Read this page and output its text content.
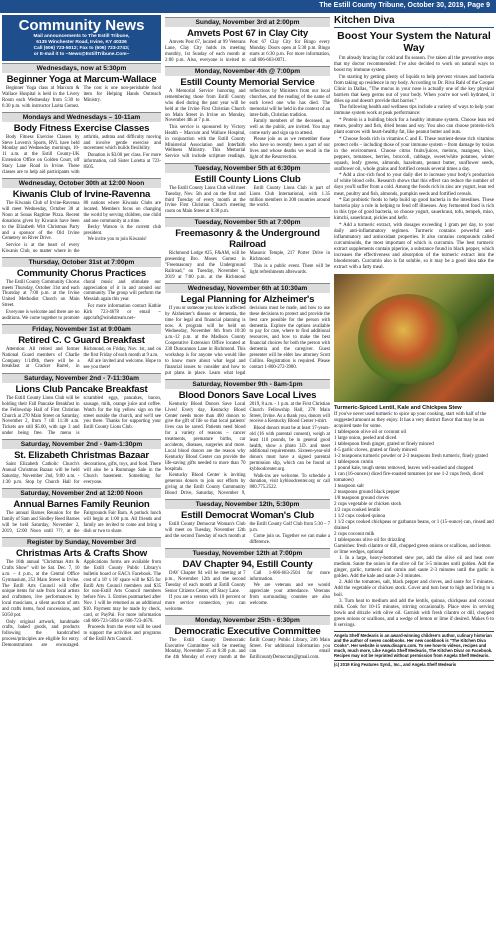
The Estill County Tribune, October 30, 2019, Page 9
Community News
Mail announcements to The Estill Tribune,
6135 Winchester Road, Irvine, KY 40336
Call (606) 723-5012; Fax to (606) 723-2743;
or E-mail it to ~News@EstillTribune.Com~
Wednesdays, now at 5:30pm
Beginner Yoga at Marcum-Wallace

Beginner Yoga class at Marcum & Wallace Hospital is held in the Livery Room each Wednesday from 5:30 to 6:30 p.m. with instructor Larita Gomez. The cost is one non-perishable food item for Helping Hands Outreach Ministry.

Mondays and Wednesdays – 10-11am
Body Fitness Exercise Classes

Body Fitness Exercise Classes by Steve Lovern's Sports, RVL have held Monday and Wednesday mornings, 10-11 a.m. at the Estill County-UK Extension Office on Golden Court, off Stacy Lane Road in Irvine. These classes are to help aid participants with arthritis, asthma and difficulty moving and involve gentle exercise and movement which builds flexibility.

Donation is $3.00 per class. For more information, call Sister Loretta at 723-8505.

Wednesday, October 30th at 12:00 Noon
Kiwanis Club of Irvine-Ravenna

The Kiwanis Club of Irvine-Ravenna will meet Wednesday, October 30 at Noon at Sonas Ragtime Pizza. Recent donations given by Kiwanis have been to the Elizabeth Witt Christmas Party and a sponsor of the Old Irvine Cemetery on River Drive.

Service is at the heart of every Kiwanis Club, no matter where in the 80 nations where Kiwanis Clubs are located. Members focus on changing the world by serving children, one child and one community at a time.

Becky Watson is the current club president.

We invite you to join Kiwanis!

Thursday, October 31st at 7:00pm
Community Chorus Practices

The Estill County Community Chorus meets Thursday, October 31st and each Thursday at 7:00 p.m. at the Irvine United Methodist Church on Main Street.

Everyone is welcome and there are no auditions. We come together to promote choral music and stimulate our appreciation of it in and around our community. The group will perform the Messiah again this year.

For more information contact Kathie Kirk 723-4678 or email ~ appcraft@windstream.net~

Friday, November 1st at 9:00am
Retired C. C Guard Breakfast

Attention: All retired and former National Guard members of Charlie Company 1/149th, there will be a breakfast at Cracker Barrel, in Richmond, on Friday, Nov. 1st, and on the first Friday of each month at 9 a.m.

All are invited and welcome. Hope to see you there!

Saturday, November 2nd - 7-11:30am
Lions Club Pancake Breakfast

The Estill County Lions Club will be holding their Fall Pancake Breakfast in the Fellowship Hall of First Christian Church at 270 Main Street on Saturday, November 2, from 7 till 11:30 a.m. Tickets are still $5.00, with age 3 and under being free. The menu is scrambled eggs, pancakes, bacon, sausage, milk, orange juice and coffee. Watch for the big yellow sign on the street outside the church, and we'll see you there. Thanks for supporting your Estill County Lions Club.

Saturday, November 2nd - 9am-1:30pm
St. Elizabeth Christmas Bazaar

Saint Elizabeth Catholic Church's Annual Christmas Bazaar will be held Saturday, November 2nd, 9:00 a.m. - 1:30 p.m. Stop by Church Hall for decorations, gifts, toys, and food. There will also be a Rummage Sale in the Church basement. Something for everyone.

Saturday, November 2nd at 12:00 Noon
Annual Barnes Family Reunion

The annual Barnes Reunion for the family of Sam and Sindley Reed Barnes will be held Saturday, November 2, 2019, 12:00 Noon until ???, at the Fairgrounds Fair Barn. A potluck lunch will begin at 1:00 p.m. All friends and family are invited to come and bring a dish or two to share.

Register by Sunday, November 3rd
Christmas Arts & Crafts Show

The 16th annual "Christmas Arts & Crafts Show" will be Sat. Dec. 7, 10 a.m. – 4 p.m., at the Central Office Gymnasium, 253 Main Street in Irvine. The Estill Arts Council will offer unique items for sale from local artists and craftsmen, live performances by local musicians, a silent auction of arts and crafts items, food concessions, and 50/50 pot.

Only original artwork, handmade crafts, baked goods, and products following the handcrafted process/principles are eligible for entry. Demonstrations are encouraged. Applications forms are available from the Estill County Public Library's bulletin board or EAC's Facebook. The cost of a 10' x 10' space will be $25 for Estill Arts Council members and $35 for non-Estill Arts Council members before Nov. 3. Entries postmarked after Nov. 1 will be returned as an additional $10. Payment may be made by check, card, or PayPal. For more information call 606-723-5694 or 606-723-4678.

Proceeds from the event will be used to support the activities and programs of the Estill Arts Council.

Sunday, November 3rd at 2:00pm
Amvets Post 67 in Clay City

Amvets Post 67, located at 99 Veterans Lane, Clay City holds its meeting monthly, 1st Sunday of each month at 2:00 p.m. Also, everyone is invited to Post 67 Clay City for Bingo every Monday. Doors open at 5:30 p.m. Bingo starts at 6:30 p.m. For more information, call 606-663-0071.

Monday, November 4th @ 7:00pm
Estill County Memorial Service

A Memorial Service honoring and remembering those from Estill County who died during the past year will be held at the Irvine First Christian Church on Main Street in Irvine on Monday, November 4th at 7 p.m.

This service is sponsored by Victory Health – Marcum and Wallace Hospital, in conjunction with the Estill County Ministerial Association and Interfaith Wellness Ministry. This Memorial Service will include scripture readings, reflections by Ministers from our local churches, and the reading of the name of each loved one who has died. The memorial will be held in the context of an inter-faith, Christian tradition.

Family members of the deceased, as well as the public, are invited. You may come early and sign up to attend.

Please join us as we remember those who have so recently been a part of our lives and whose deaths we recall in the light of the Resurrection.

Tuesday, November 5th at 6:30pm
Estill County Lions Club

The Estill County Lions Club will meet Tuesday, Nov. 5th and on the first and third Tuesday of every month at the Irvine First Christian Church meeting room on Main Street at 6:30 p.m.

Estill County Lions Club is part of Lions Club International, with 1.35 million members in 200 countries around the world.

Tuesday, November 5th at 7:00pm
Freemasonry & the Underground Railroad

Richmond Lodge #25, F&AM, will be presenting Bro. Moses Gomez in "Freemasonry and the Underground Railroad," on Tuesday, November 5, 2019 at 7:00 p.m. at the Richmond Masonic Temple, 217 Porter Drive in Richmond.

This is a public event. There will be light refreshments afterwards.

Wednesday, November 6th at 10:30am
Legal Planning for Alzheimer's

If you or someone you know is affected by Alzheimer's disease or dementia, the time for legal and financial planning is now. A program will be held on Wednesday, November 6th from 10:30 a.m.-12 p.m. at the Madison County Cooperative Extension Office located at 230 Duncannon Lane in Richmond. This workshop is for anyone who would like to know more about what legal and financial issues to consider and how to put plans in place. Learn what legal decisions must be made, and how to use these decisions to protect and provide the best care possible for the person with dementia. Explore the options available to pay for care, where to find additional resources, and how to make the best financial choices for both the person with dementia and the caregiver. Guest presenter will be elder law attorney Scott Collins. Registration is required. Please contact 1-800-272-3900.

Saturday, November 9th - 8am-1pm
Blood Donors Save Local Lives

Kentucky Blood Donors Save Local Lives! Every day, Kentucky Blood Center needs more than 400 donors to give the gift of life so that local patients' lives can be saved. Patients need blood for a variety of reasons – cancer treatments, premature births, car accidents, diseases, surgeries and more. Local blood donors are the reason why Kentucky Blood Center can provide the life-saving gifts needed to more than 70 hospitals.

Kentucky Blood Center is inviting generous donors to join our efforts by giving at the Estill County Community Blood Drive, Saturday, November 9, 2019, 8 a.m. - 1 p.m. at the First Christian Church Fellowship Hall, 270 Main Street, Irvine. As a thank you, donors will receive a Kentucky Blood Center t-shirt.

Blood donors must be at least 17-years-old (16 with parental consent), weigh at least 110 pounds, be in general good health, show a photo I.D. and meet additional requirements. Sixteen-year-old donors must have a signed parental permission slip, which can be found at kybloodcenter.org.

Walk-ins are welcome. To schedule a donation, visit kybloodcenter.org or call 800.775.2522.

Tuesday, November 12th, 5:30pm
Estill Democrat Woman's Club

Estill County Democrat Woman's Club will meet on Tuesday, November 12th and the second Tuesday of each month at the Estill County Golf Club from 5:30 – 7 p.m.

Come join us. Together we can make a difference.

Tuesday, November 12th at 7:00pm
DAV Chapter 94, Estill County

DAV Chapter 94 will be meeting at 7 p.m., November 12th and the second Tuesday of each month at Estill County Senior Citizens Center, off Stacy Lane.

If you are a veteran with 10 percent or more service connection, you can welcome.

Call 1-606-663-2504 for more information.

We are veterans and we would appreciate your attendance. Veterans from surrounding counties are also welcome.

Monday, November 25th - 6:30pm
Democratic Executive Committee

The Estill County Democratic Executive Committee will be meeting Monday, November 25 at 6:30 p.m. and the 4th Monday of every month at the Estill County Public Library, 246 Main Street. For additional information you can email EstillcountyDemocrats@gmail.com.

Kitchen Diva
Boost Your System the Natural Way

I'm already bracing for cold and flu season. I've taken all the preventive steps that my doctor recommended: I've also decided to work on natural ways to boost my immune system.

I'm starting by getting plenty of liquids to help prevent viruses and bacteria from taking up residence in my body. According to Dr. Riva Rahl of the Cooper Clinic in Dallas, "The mucus in your nose is actually one of the key physical barriers that keep germs out of your body. When you're not well hydrated, it dries up and doesn't provide that barrier."

The following health and wellness tips include a variety of ways to help your immune system work at peak performance:

* Protein is a building block for a healthy immune system. Choose lean red meats, poultry and fish, dried beans and soy. You also can choose protein-rich plant sources with heart-healthy fat, like peanut butter and nuts.

* Choose foods rich in vitamins C and E. These nutrient-dense rich vitamins protect cells – including those of your immune system – from damage by toxins in the environment. Choose citrus fruits/juices, melons, mangoes, kiwi, peppers, tomatoes, berries, broccoli, cabbage, sweet/white potatoes, winter squash, leafy greens, almonds, hazelnuts, peanut butter, sunflower seeds, sunflower oil, whole grains and fortified cereals several times a day.

* Add a zinc-rich food to your daily diet to increase your body's production of white blood cells. Research shows that this effect can reduce the number of days you'll suffer from a cold. Among the foods rich in zinc are yogurt, lean red meat, poultry and fish, almonds, pumpkin seeds and fortified cereals.

* Eat probiotic foods to help build up good bacteria in the intestines. These bacteria play a role in helping to fend off illnesses. Any fermented food is rich in this type of good bacteria, so choose yogurt, sauerkraut, tofu, tempeh, miso, kimchi, sauerkraut, pickles and kefir.

* Add a turmeric extract, with dosages exceeding 1 gram per day, to your daily anti-inflammatory regimen. Turmeric contains powerful anti-inflammatory and antioxidant properties. It also contains compounds called curcuminoids, the most important of which is curcumin. The best turmeric extract supplements contain piperine, a substance found in black pepper, which increases the effectiveness and absorption of the turmeric extract into the bloodstream. Curcumin also is fat soluble, so it may be a good idea take the extract with a fatty meal.

Turmeric-Spiced Lentil, Kale and Chickpea Stew
If you've never used turmeric to spice up your cooking, start with half of the suggested amount as they enjoy. It has a very distinct flavor that may be an acquired taste for some.
1 tablespoon olive oil or coconut oil
1 large onion, peeled and diced
1 tablespoon fresh ginger, grated or finely minced
4-5 garlic cloves, grated or finely minced
1-2 teaspoons turmeric powder or 2-3 teaspoons fresh turmeric, finely grated
1 tablespoon cumin
1 pound kale, tough stems removed, leaves well-washed and chopped
1 can (16-ounces) diced fire-roasted tomatoes (or use 1-2 cups fresh, diced tomatoes)
1 teaspoon salt
2 teaspoons ground black pepper
1/8 teaspoon ground cloves
2 cups vegetable or chicken stock
1/2 cups cooked lentils
1 1/2 cups cooked quinoa
1 1/2 cups cooked chickpeas or garbanzo beans, or 1 (15-ounce) can, rinsed and drained
2 cups coconut milk
1 tablespoons olive oil for drizzling
Garnishes: fresh cilantro or dill, chopped green onions or scallions, and lemon or lime wedges, optional

1. In a large, heavy-bottomed stew pot, add the olive oil and heat over medium. Saute the onion in the olive oil for 3-5 minutes until golden. Add the ginger, garlic, turmeric and cumin and saute 2-3 minutes until the garlic is golden. Add the kale and saute 2-3 minutes.

2. Add the tomatoes, salt, black pepper and cloves, and saute for 5 minutes. Add the vegetable or chicken stock. Cover and turn heat to high and bring to a boil.

3. Turn heat to medium and add the lentils, quinoa, chickpeas and coconut milk. Cook for 10-15 minutes, stirring occasionally. Place stew in serving bowls and drizzle with olive oil. Garnish with fresh cilantro or dill, chopped green onions or scallions, and a wedge of lemon or lime if desired. Makes 6 to 8 servings.

Angela Shelf Medearis is an award-winning children's author, culinary historian and the author of seven cookbooks. Her new cookbook is "The Kitchen Diva Cooks". Her website is www.divapro.com. To see how-to videos, recipes and much, much more, Like Angela Shelf Medearis, The Kitchen Diva! on Facebook. Recipes may not be reprinted without permission from Angela Shelf Medearis.
(c) 2019 King Features Synd., Inc., and Angela Shelf Medearis
